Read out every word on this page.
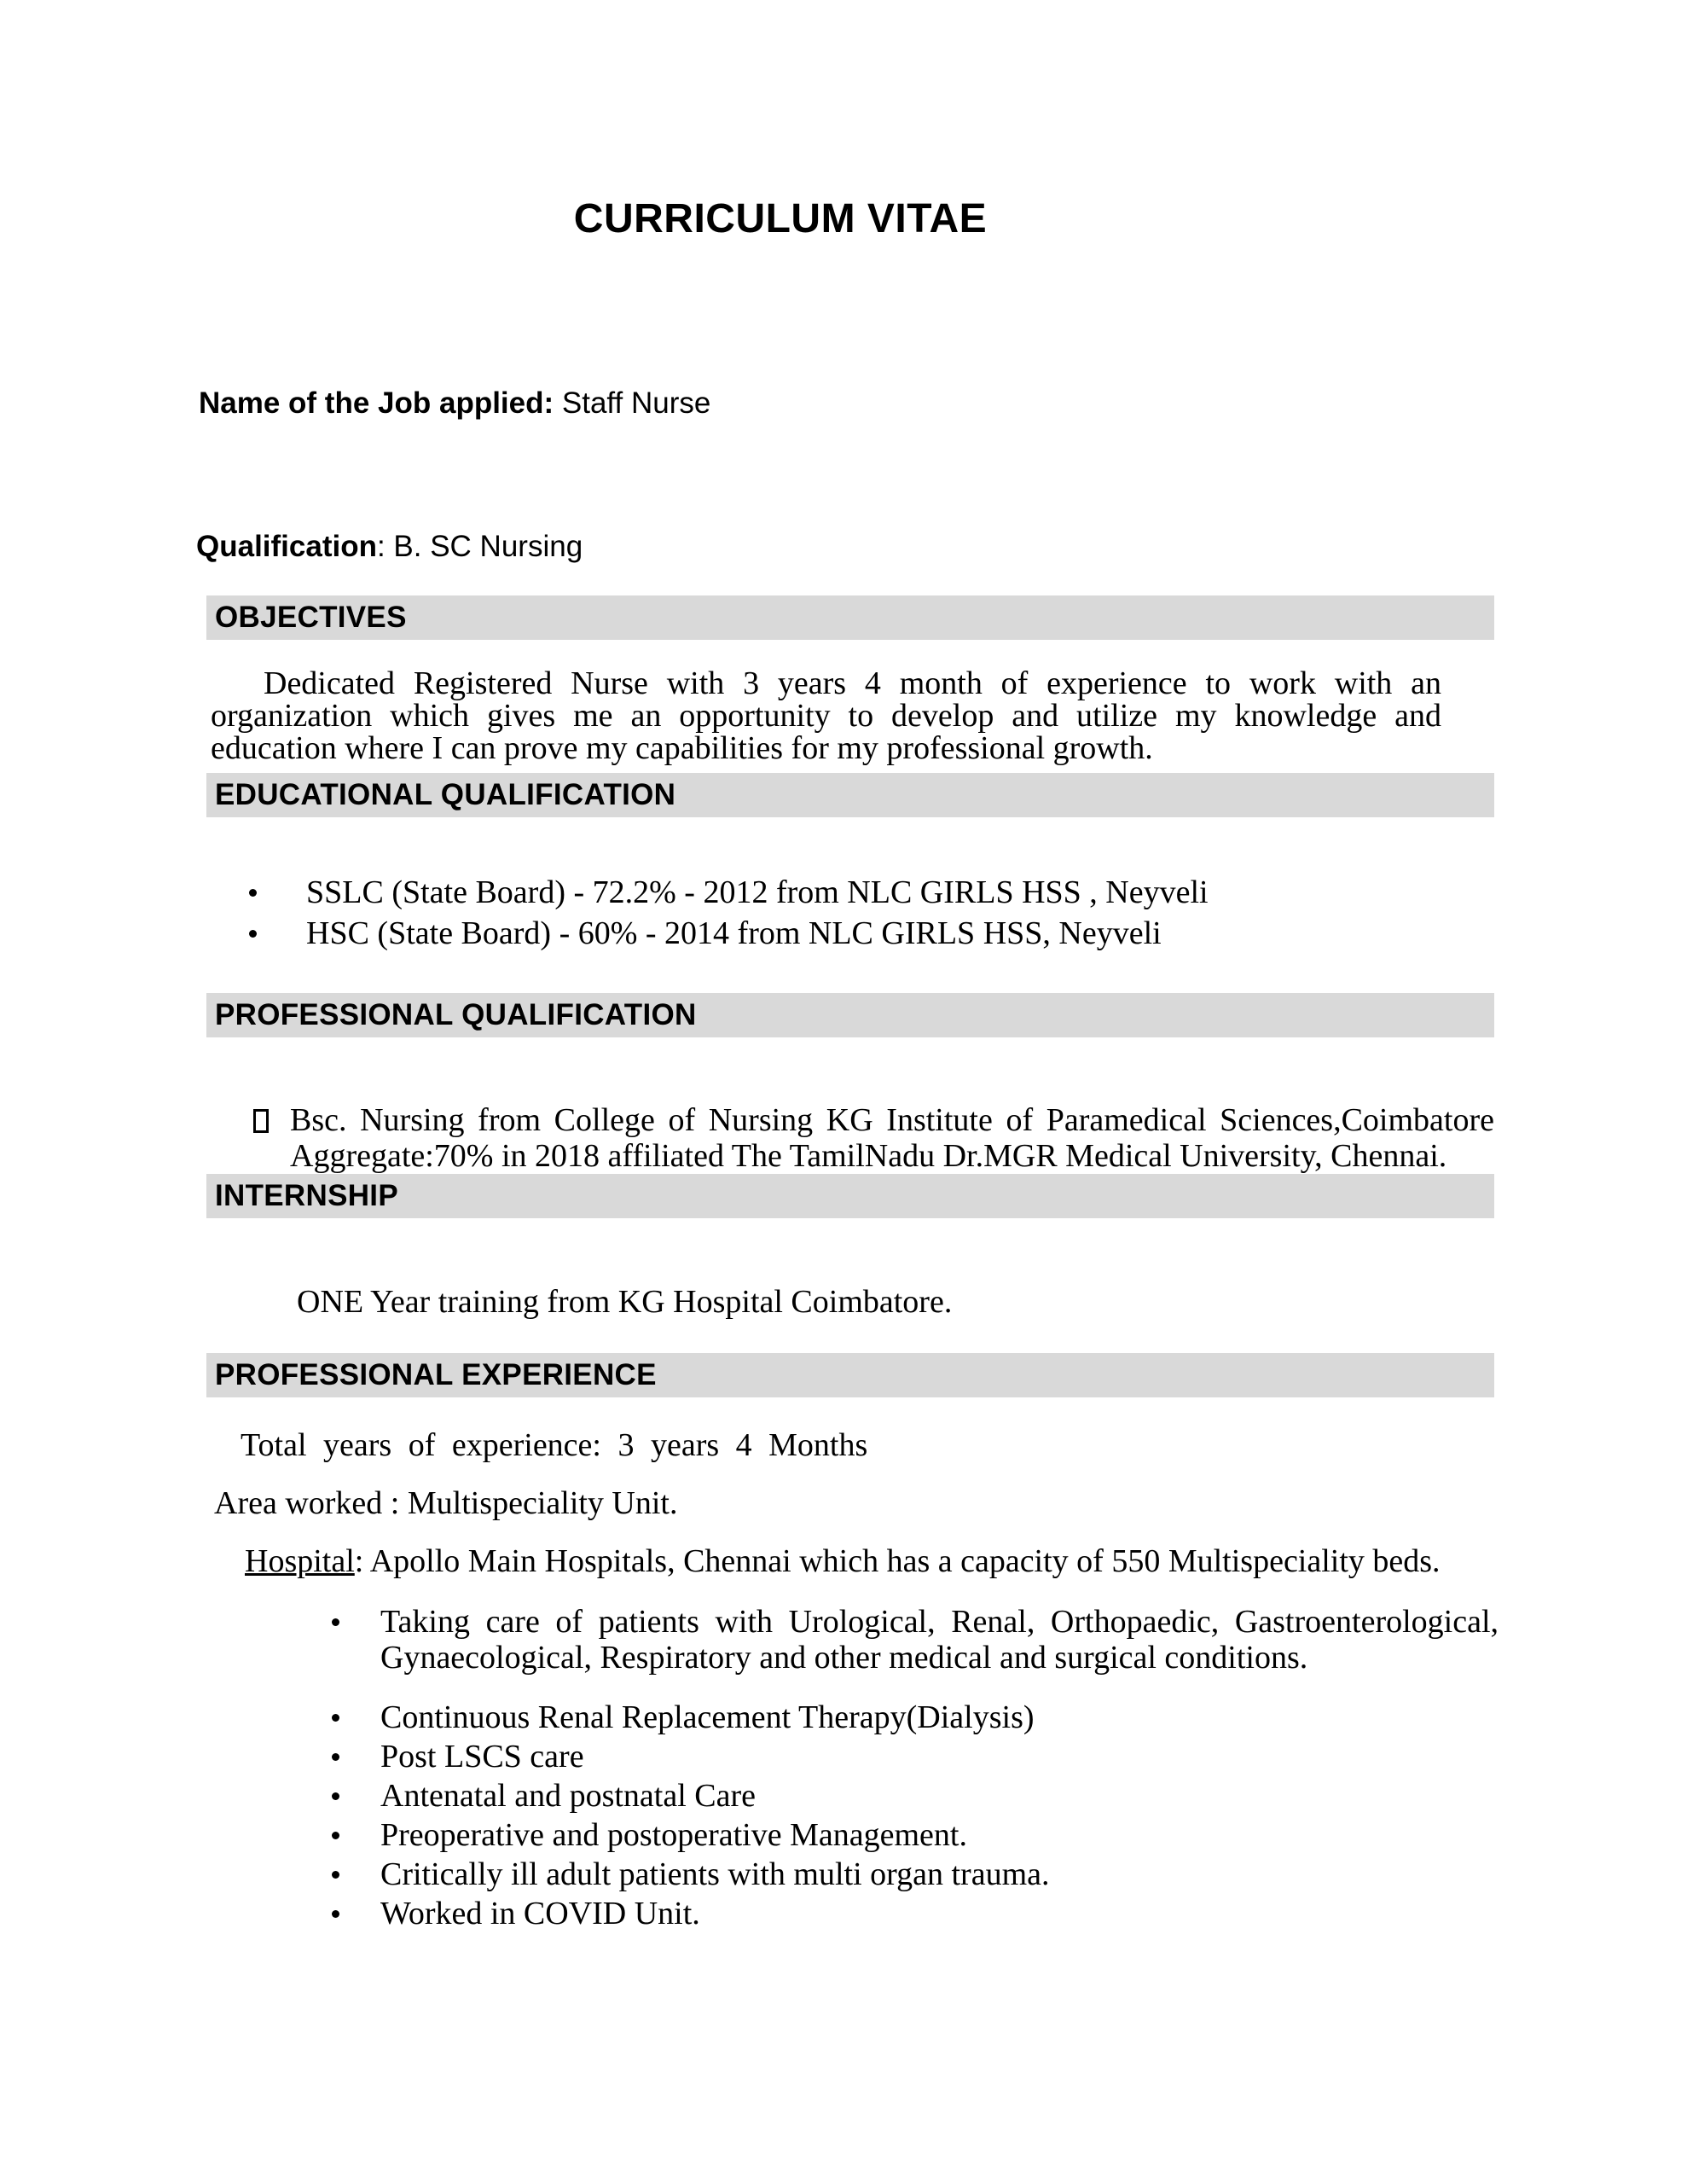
CURRICULUM VITAE
Name of the Job applied: Staff Nurse
Qualification: B. SC Nursing
OBJECTIVES

Dedicated Registered Nurse with 3 years 4 month of experience to work with an organization which gives me an opportunity to develop and utilize my knowledge and education where I can prove my capabilities for my professional growth.

EDUCATIONAL QUALIFICATION
SSLC (State Board) - 72.2% - 2012 from NLC GIRLS HSS , Neyveli
HSC (State Board) - 60% - 2014 from NLC GIRLS HSS, Neyveli
PROFESSIONAL QUALIFICATION
Bsc. Nursing from College of Nursing KG Institute of Paramedical Sciences,Coimbatore Aggregate:70% in 2018 affiliated The TamilNadu Dr.MGR Medical University, Chennai.
INTERNSHIP

ONE Year training from KG Hospital Coimbatore.

PROFESSIONAL EXPERIENCE

Total years of experience: 3 years 4 Months

Area worked : Multispeciality Unit.

Hospital: Apollo Main Hospitals, Chennai which has a capacity of 550 Multispeciality beds.

Taking care of patients with Urological, Renal, Orthopaedic, Gastroenterological, Gynaecological, Respiratory and other medical and surgical conditions.
Continuous Renal Replacement Therapy(Dialysis)
Post LSCS care
Antenatal and postnatal Care
Preoperative and postoperative Management.
Critically ill adult patients with multi organ trauma.
Worked in COVID Unit.
